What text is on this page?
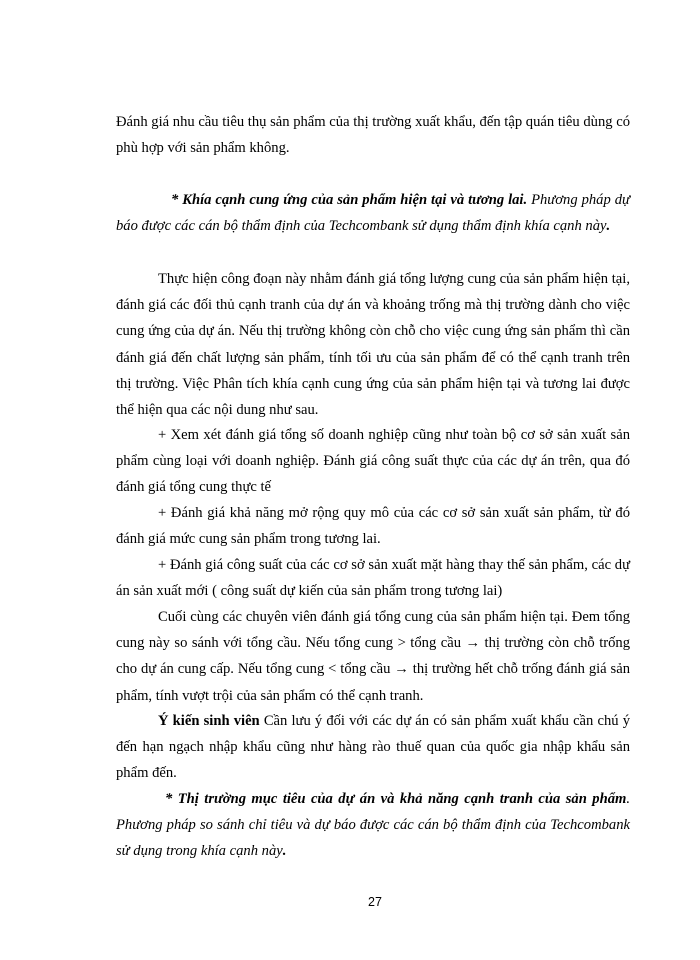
Đánh giá nhu cầu tiêu thụ sản phẩm của thị trường xuất khẩu, đến tập quán tiêu dùng có phù hợp với sản phẩm không.

* Khía cạnh cung ứng của sản phẩm hiện tại và tương lai. Phương pháp dự báo được các cán bộ thẩm định của Techcombank sử dụng thẩm định khía cạnh này.

Thực hiện công đoạn này nhằm đánh giá tổng lượng cung của sản phẩm hiện tại, đánh giá các đối thủ cạnh tranh của dự án và khoảng trống mà thị trường dành cho việc cung ứng của dự án. Nếu thị trường không còn chỗ cho việc cung ứng sản phẩm thì cần đánh giá đến chất lượng sản phẩm, tính tối ưu của sản phẩm để có thể cạnh tranh trên thị trường. Việc Phân tích khía cạnh cung ứng của sản phẩm hiện tại và tương lai được thể hiện qua các nội dung như sau.

+ Xem xét đánh giá tổng số doanh nghiệp cũng như toàn bộ cơ sở sản xuất sản phẩm cùng loại với doanh nghiệp. Đánh giá công suất thực của các dự án trên, qua đó đánh giá tổng cung thực tế

+ Đánh giá khả năng mở rộng quy mô của các cơ sở sản xuất sản phẩm, từ đó đánh giá mức cung sản phẩm trong tương lai.

+ Đánh giá công suất của các cơ sở sản xuất mặt hàng thay thế sản phẩm, các dự án sản xuất mới ( công suất dự kiến của sản phẩm trong tương lai)

Cuối cùng các chuyên viên đánh giá tổng cung của sản phẩm hiện tại. Đem tổng cung này so sánh với tổng cầu. Nếu tổng cung > tổng cầu → thị trường còn chỗ trống cho dự án cung cấp. Nếu tổng cung < tổng cầu → thị trường hết chỗ trống đánh giá sản phẩm, tính vượt trội của sản phẩm có thể cạnh tranh.

Ý kiến sinh viên Cần lưu ý đối với các dự án có sản phẩm xuất khẩu cần chú ý đến hạn ngạch nhập khẩu cũng như hàng rào thuế quan của quốc gia nhập khẩu sản phẩm đến.

* Thị trường mục tiêu của dự án và khả năng cạnh tranh của sản phẩm. Phương pháp so sánh chỉ tiêu và dự báo được các cán bộ thẩm định của Techcombank sử dụng trong khía cạnh này.

27
